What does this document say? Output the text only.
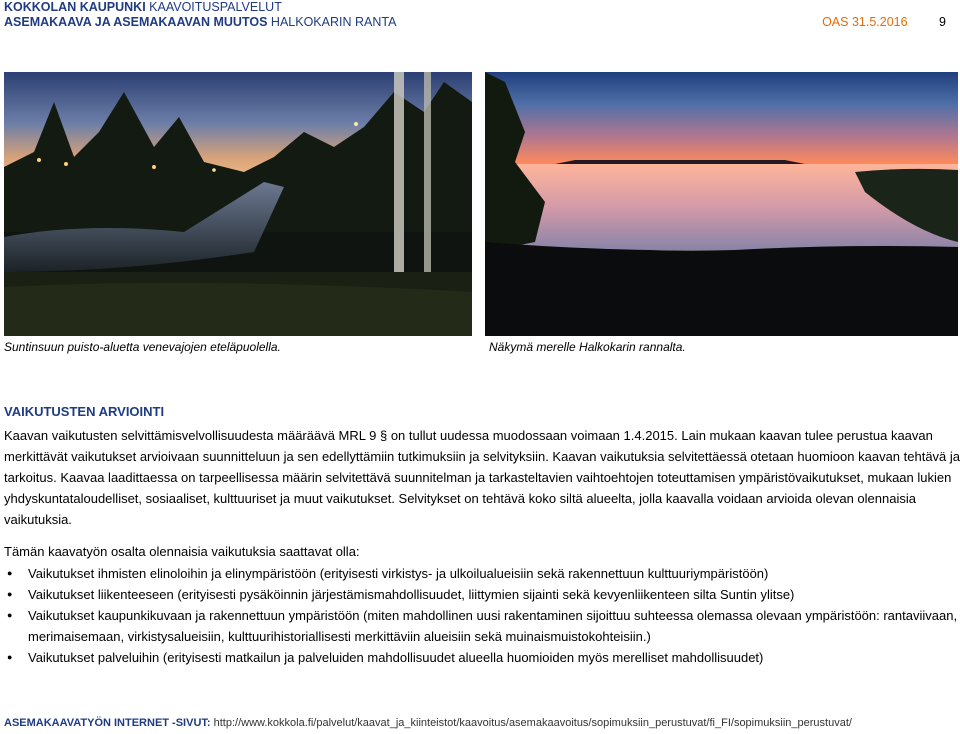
KOKKOLAN KAUPUNKI KAAVOITUSPALVELUT
ASEMAKAAVA JA ASEMAKAAVAN MUUTOS HALKOKARIN RANTA	OAS 31.5.2016	9
Suntinsuun puisto-aluetta venevajojen eteläpuolella.	Näkymä merelle Halkokarin rannalta.
VAIKUTUSTEN ARVIOINTI

Kaavan vaikutusten selvittämisvelvollisuudesta määräävä MRL 9 § on tullut uudessa muodossaan voimaan 1.4.2015. Lain mukaan kaavan tulee perustua kaavan merkittävät vaikutukset arvioivaan suunnitteluun ja sen edellyttämiin tutkimuksiin ja selvityksiin. Kaavan vaikutuksia selvitettäessä otetaan huomioon kaavan tehtävä ja tarkoitus. Kaavaa laadittaessa on tarpeellisessa määrin selvitettävä suunnitelman ja tarkasteltavien vaihtoehtojen toteuttamisen ympäristövaikutukset, mukaan lukien yhdyskuntataloudelliset, sosiaaliset, kulttuuriset ja muut vaikutukset. Selvitykset on tehtävä koko siltä alueelta, jolla kaavalla voidaan arvioida olevan olennaisia vaikutuksia.

Tämän kaavatyön osalta olennaisia vaikutuksia saattavat olla:
● Vaikutukset ihmisten elinoloihin ja elinympäristöön (erityisesti virkistys- ja ulkoilualueisiin sekä rakennettuun kulttuuriympäristöön)
● Vaikutukset liikenteeseen (erityisesti pysäköinnin järjestämismahdollisuudet, liittymien sijainti sekä kevyenliikenteen silta Suntin ylitse)
● Vaikutukset kaupunkikuvaan ja rakennettuun ympäristöön (miten mahdollinen uusi rakentaminen sijoittuu suhteessa olemassa olevaan ympäristöön: rantaviivaan, merimaisemaan, virkistysalueisiin, kulttuurihistoriallisesti merkittäviin alueisiin sekä muinaismuistokohteisiin.)
● Vaikutukset palveluihin (erityisesti matkailun ja palveluiden mahdollisuudet alueella huomioiden myös merelliset mahdollisuudet)
ASEMAKAAVATYÖN INTERNET -SIVUT: http://www.kokkola.fi/palvelut/kaavat_ja_kiinteistot/kaavoitus/asemakaavoitus/sopimuksiin_perustuvat/fi_FI/sopimuksiin_perustuvat/
